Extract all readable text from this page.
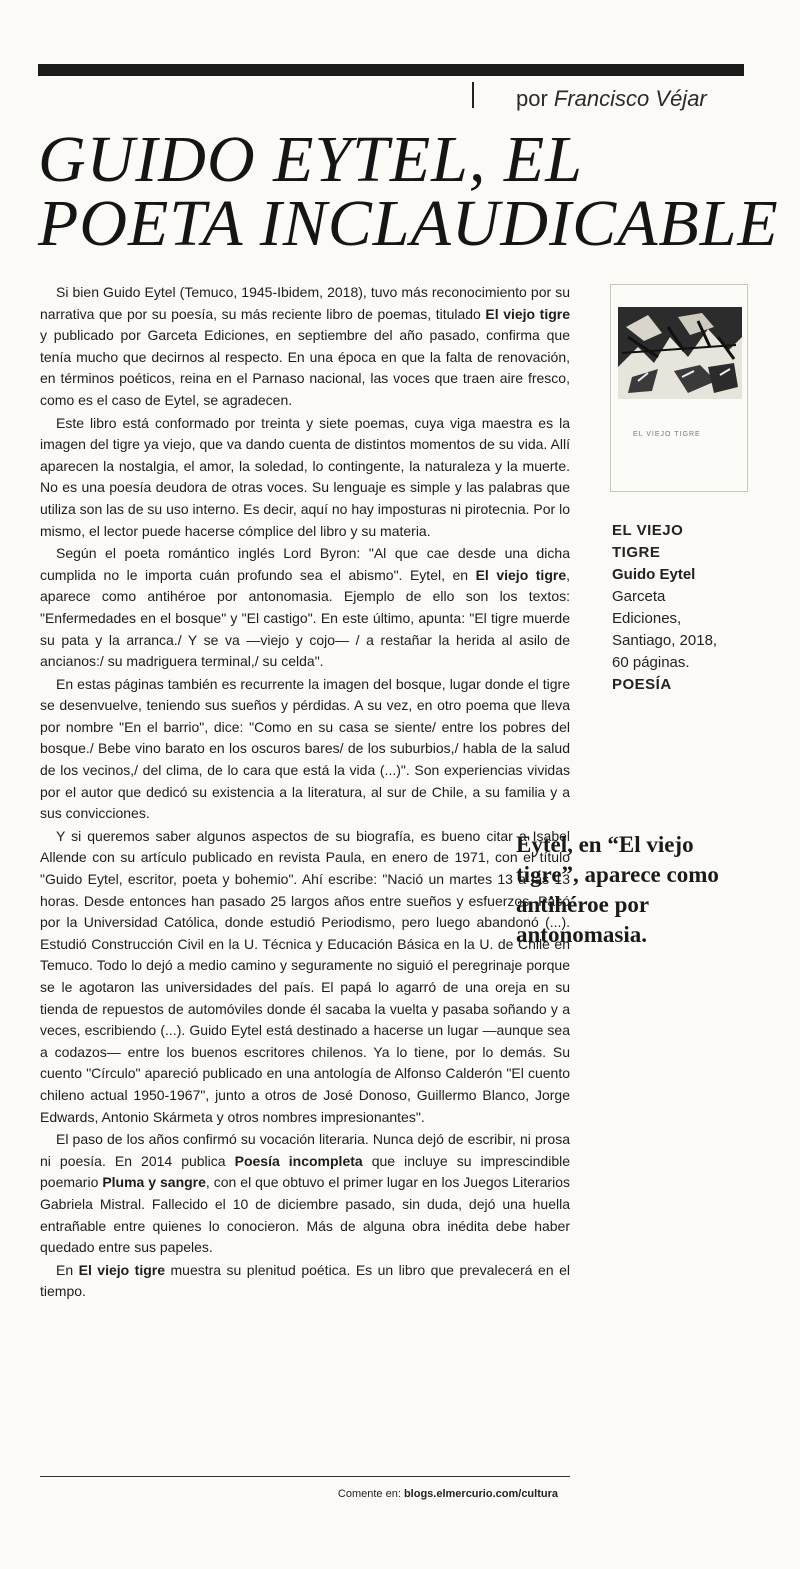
por Francisco Véjar
GUIDO EYTEL, EL
POETA INCLAUDICABLE

Si bien Guido Eytel (Temuco, 1945-Ibidem, 2018), tuvo más reconocimiento por su narrativa que por su poesía, su más reciente libro de poemas, titulado El viejo tigre y publicado por Garceta Ediciones, en septiembre del año pasado, confirma que tenía mucho que decirnos al respecto. En una época en que la falta de renovación, en términos poéticos, reina en el Parnaso nacional, las voces que traen aire fresco, como es el caso de Eytel, se agradecen.

Este libro está conformado por treinta y siete poemas, cuya viga maestra es la imagen del tigre ya viejo, que va dando cuenta de distintos momentos de su vida. Allí aparecen la nostalgia, el amor, la soledad, lo contingente, la naturaleza y la muerte. No es una poesía deudora de otras voces. Su lenguaje es simple y las palabras que utiliza son las de su uso interno. Es decir, aquí no hay imposturas ni pirotecnia. Por lo mismo, el lector puede hacerse cómplice del libro y su materia.

Según el poeta romántico inglés Lord Byron: "Al que cae desde una dicha cumplida no le importa cuán profundo sea el abismo". Eytel, en El viejo tigre, aparece como antihéroe por antonomasia. Ejemplo de ello son los textos: "Enfermedades en el bosque" y "El castigo". En este último, apunta: "El tigre muerde su pata y la arranca./ Y se va —viejo y cojo— / a restañar la herida al asilo de ancianos:/ su madriguera terminal,/ su celda".

En estas páginas también es recurrente la imagen del bosque, lugar donde el tigre se desenvuelve, teniendo sus sueños y pérdidas. A su vez, en otro poema que lleva por nombre "En el barrio", dice: "Como en su casa se siente/ entre los pobres del bosque./ Bebe vino barato en los oscuros bares/ de los suburbios,/ habla de la salud de los vecinos,/ del clima, de lo cara que está la vida (...)". Son experiencias vividas por el autor que dedicó su existencia a la literatura, al sur de Chile, a su familia y a sus convicciones.

Y si queremos saber algunos aspectos de su biografía, es bueno citar a Isabel Allende con su artículo publicado en revista Paula, en enero de 1971, con el título "Guido Eytel, escritor, poeta y bohemio". Ahí escribe: "Nació un martes 13 a las 13 horas. Desde entonces han pasado 25 largos años entre sueños y esfuerzos. Pasó por la Universidad Católica, donde estudió Periodismo, pero luego abandonó (...). Estudió Construcción Civil en la U. Técnica y Educación Básica en la U. de Chile en Temuco. Todo lo dejó a medio camino y seguramente no siguió el peregrinaje porque se le agotaron las universidades del país. El papá lo agarró de una oreja en su tienda de repuestos de automóviles donde él sacaba la vuelta y pasaba soñando y a veces, escribiendo (...). Guido Eytel está destinado a hacerse un lugar —aunque sea a codazos— entre los buenos escritores chilenos. Ya lo tiene, por lo demás. Su cuento "Círculo" apareció publicado en una antología de Alfonso Calderón "El cuento chileno actual 1950-1967", junto a otros de José Donoso, Guillermo Blanco, Jorge Edwards, Antonio Skármeta y otros nombres impresionantes".

El paso de los años confirmó su vocación literaria. Nunca dejó de escribir, ni prosa ni poesía. En 2014 publica Poesía incompleta que incluye su imprescindible poemario Pluma y sangre, con el que obtuvo el primer lugar en los Juegos Literarios Gabriela Mistral. Fallecido el 10 de diciembre pasado, sin duda, dejó una huella entrañable entre quienes lo conocieron. Más de alguna obra inédita debe haber quedado entre sus papeles.

En El viejo tigre muestra su plenitud poética. Es un libro que prevalecerá en el tiempo.

EL VIEJO TIGRE
EL VIEJO
TIGRE
Guido Eytel
Garceta
Ediciones,
Santiago, 2018,
60 páginas.
POESÍA
Eytel, en “El viejo tigre”, aparece como antihéroe por antonomasia.
Comente en: blogs.elmercurio.com/cultura
